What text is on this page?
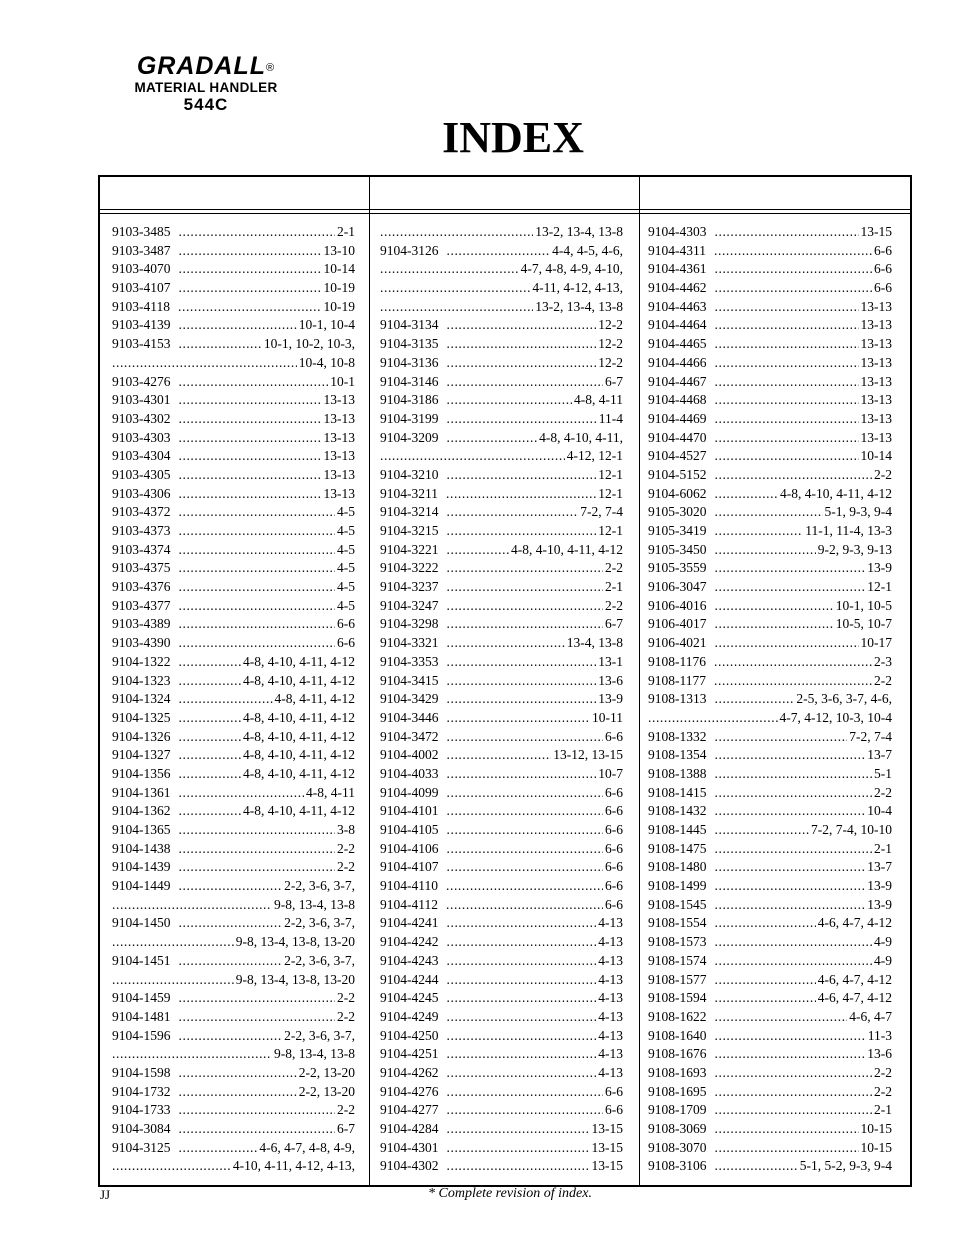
GRADALL®
MATERIAL HANDLER
544C
INDEX
9103-3485 .....	2-1
9103-3487 .....	13-10
9103-4070 .....	10-14
9103-4107 .....	10-19
9103-4118 .....	10-19
9103-4139 .....	10-1, 10-4
9103-4153 .....	10-1, 10-2, 10-3,
.....
10-4, 10-8
9103-4276 .....	10-1
9103-4301 .....	13-13
9103-4302 .....	13-13
9103-4303 .....	13-13
9103-4304 .....	13-13
9103-4305 .....	13-13
9103-4306 .....	13-13
9103-4372 .....	4-5
9103-4373 .....	4-5
9103-4374 .....	4-5
9103-4375 .....	4-5
9103-4376 .....	4-5
9103-4377 .....	4-5
9103-4389 .....	6-6
9103-4390 .....	6-6
9104-1322 .....	4-8, 4-10, 4-11, 4-12
9104-1323 .....	4-8, 4-10, 4-11, 4-12
9104-1324 .....	4-8, 4-11, 4-12
9104-1325 .....	4-8, 4-10, 4-11, 4-12
9104-1326 .....	4-8, 4-10, 4-11, 4-12
9104-1327 .....	4-8, 4-10, 4-11, 4-12
9104-1356 .....	4-8, 4-10, 4-11, 4-12
9104-1361 .....	4-8, 4-11
9104-1362 .....	4-8, 4-10, 4-11, 4-12
9104-1365 .....	3-8
9104-1438 .....	2-2
9104-1439 .....	2-2
9104-1449 .....	2-2, 3-6, 3-7,
.....
9-8, 13-4, 13-8
9104-1450 .....	2-2, 3-6, 3-7,
.....
9-8, 13-4, 13-8, 13-20
9104-1451 .....	2-2, 3-6, 3-7,
.....
9-8, 13-4, 13-8, 13-20
9104-1459 .....	2-2
9104-1481 .....	2-2
9104-1596 .....	2-2, 3-6, 3-7,
.....
9-8, 13-4, 13-8
9104-1598 .....	2-2, 13-20
9104-1732 .....	2-2, 13-20
9104-1733 .....	2-2
9104-3084 .....	6-7
9104-3125 .....	4-6, 4-7, 4-8, 4-9,
.....
4-10, 4-11, 4-12, 4-13,
.....
13-2, 13-4, 13-8
9104-3126 .....	4-4, 4-5, 4-6,
.....
4-7, 4-8, 4-9, 4-10,
.....
4-11, 4-12, 4-13,
.....
13-2, 13-4, 13-8
9104-3134 .....	12-2
9104-3135 .....	12-2
9104-3136 .....	12-2
9104-3146 .....	6-7
9104-3186 .....	4-8, 4-11
9104-3199 .....	11-4
9104-3209 .....	4-8, 4-10, 4-11,
.....
4-12, 12-1
9104-3210 .....	12-1
9104-3211 .....	12-1
9104-3214 .....	7-2, 7-4
9104-3215 .....	12-1
9104-3221 .....	4-8, 4-10, 4-11, 4-12
9104-3222 .....	2-2
9104-3237 .....	2-1
9104-3247 .....	2-2
9104-3298 .....	6-7
9104-3321 .....	13-4, 13-8
9104-3353 .....	13-1
9104-3415 .....	13-6
9104-3429 .....	13-9
9104-3446 .....	10-11
9104-3472 .....	6-6
9104-4002 .....	13-12, 13-15
9104-4033 .....	10-7
9104-4099 .....	6-6
9104-4101 .....	6-6
9104-4105 .....	6-6
9104-4106 .....	6-6
9104-4107 .....	6-6
9104-4110 .....	6-6
9104-4112 .....	6-6
9104-4241 .....	4-13
9104-4242 .....	4-13
9104-4243 .....	4-13
9104-4244 .....	4-13
9104-4245 .....	4-13
9104-4249 .....	4-13
9104-4250 .....	4-13
9104-4251 .....	4-13
9104-4262 .....	4-13
9104-4276 .....	6-6
9104-4277 .....	6-6
9104-4284 .....	13-15
9104-4301 .....	13-15
9104-4302 .....	13-15
9104-4303 .....	13-15
9104-4311 .....	6-6
9104-4361 .....	6-6
9104-4462 .....	6-6
9104-4463 .....	13-13
9104-4464 .....	13-13
9104-4465 .....	13-13
9104-4466 .....	13-13
9104-4467 .....	13-13
9104-4468 .....	13-13
9104-4469 .....	13-13
9104-4470 .....	13-13
9104-4527 .....	10-14
9104-5152 .....	2-2
9104-6062 .....	4-8, 4-10, 4-11, 4-12
9105-3020 .....	5-1, 9-3, 9-4
9105-3419 .....	11-1, 11-4, 13-3
9105-3450 .....	9-2, 9-3, 9-13
9105-3559 .....	13-9
9106-3047 .....	12-1
9106-4016 .....	10-1, 10-5
9106-4017 .....	10-5, 10-7
9106-4021 .....	10-17
9108-1176 .....	2-3
9108-1177 .....	2-2
9108-1313 .....	2-5, 3-6, 3-7, 4-6,
.....
4-7, 4-12, 10-3, 10-4
9108-1332 .....	7-2, 7-4
9108-1354 .....	13-7
9108-1388 .....	5-1
9108-1415 .....	2-2
9108-1432 .....	10-4
9108-1445 .....	7-2, 7-4, 10-10
9108-1475 .....	2-1
9108-1480 .....	13-7
9108-1499 .....	13-9
9108-1545 .....	13-9
9108-1554 .....	4-6, 4-7, 4-12
9108-1573 .....	4-9
9108-1574 .....	4-9
9108-1577 .....	4-6, 4-7, 4-12
9108-1594 .....	4-6, 4-7, 4-12
9108-1622 .....	4-6, 4-7
9108-1640 .....	11-3
9108-1676 .....	13-6
9108-1693 .....	2-2
9108-1695 .....	2-2
9108-1709 .....	2-1
9108-3069 .....	10-15
9108-3070 .....	10-15
9108-3106 .....	5-1, 5-2, 9-3, 9-4
JJ	* Complete revision of index.
